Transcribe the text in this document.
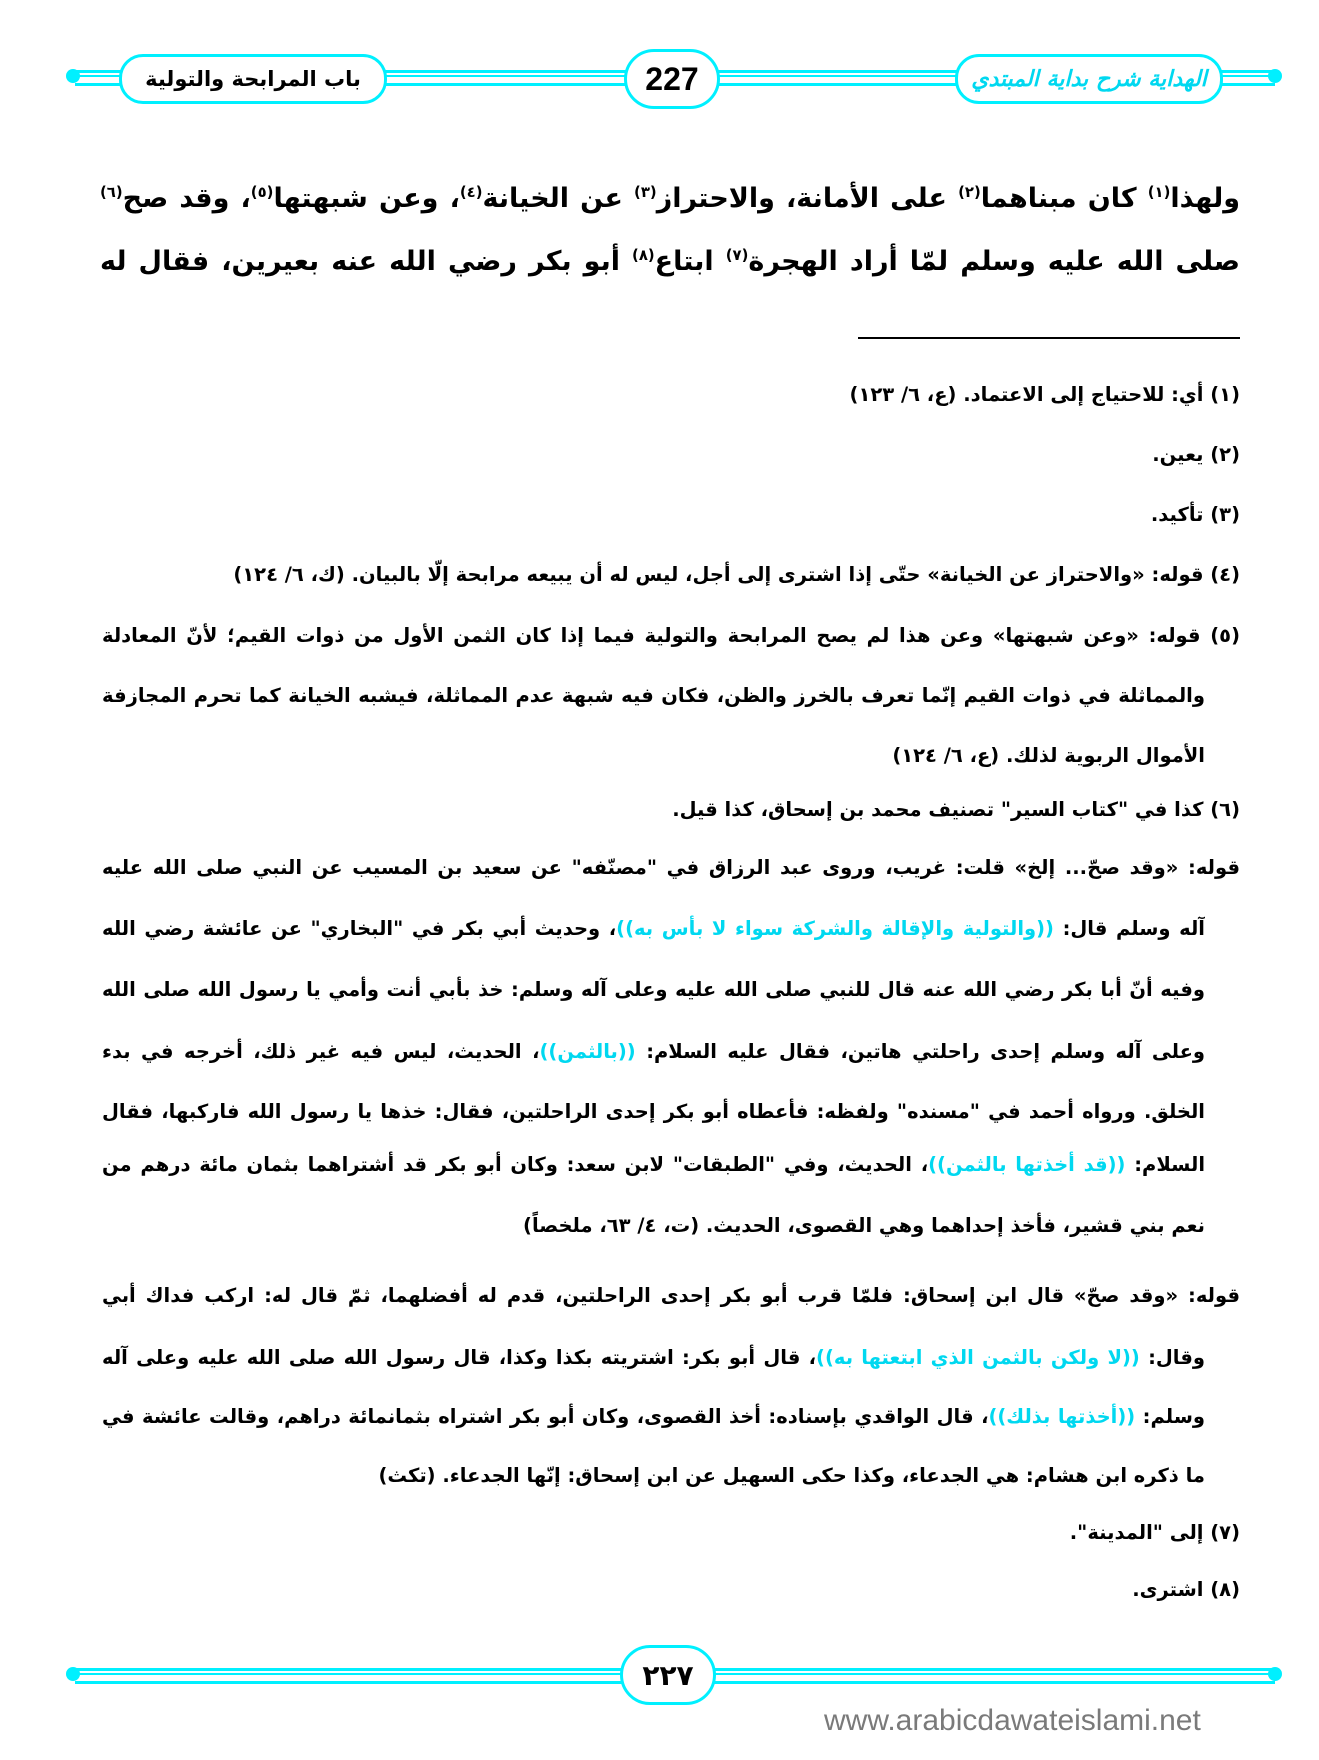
باب المرابحة والتولية	227	الهداية شرح بداية المبتدي
ولهذا$^{(١)}$ كان مبناهما$^{(٢)}$ على الأمانة، والاحتراز$^{(٣)}$ عن الخيانة$^{(٤)}$، وعن شبهتها$^{(٥)}$، وقد صح$^{(٦)}$
صلى الله عليه وسلم لمّا أراد الهجرة$^{(٧)}$ ابتاع$^{(٨)}$ أبو بكر رضي الله عنه بعيرين، فقال له
(١) أي: للاحتياج إلى الاعتماد. (ع، ٦/ ١٢٣)
(٢) يعين.
(٣) تأكيد.
(٤) قوله: «والاحتراز عن الخيانة» حتّى إذا اشترى إلى أجل، ليس له أن يبيعه مرابحة إلّا بالبيان. (ك، ٦/ ١٢٤)
(٥) قوله: «وعن شبهتها» وعن هذا لم يصح المرابحة والتولية فيما إذا كان الثمن الأول من ذوات القيم؛ لأنّ المعادلة
والمماثلة في ذوات القيم إنّما تعرف بالخرز والظن، فكان فيه شبهة عدم المماثلة، فيشبه الخيانة كما تحرم المجازفة
الأموال الربوية لذلك. (ع، ٦/ ١٢٤)
(٦) كذا في "كتاب السير" تصنيف محمد بن إسحاق، كذا قيل.
قوله: «وقد صحّ... إلخ» قلت: غريب، وروى عبد الرزاق في "مصنّفه" عن سعيد بن المسيب عن النبي صلى الله عليه
آله وسلم قال: ((والتولية والإقالة والشركة سواء لا بأس به))، وحديث أبي بكر في "البخاري" عن عائشة رضي الله
وفيه أنّ أبا بكر رضي الله عنه قال للنبي صلى الله عليه وعلى آله وسلم: خذ بأبي أنت وأمي يا رسول الله صلى الله
وعلى آله وسلم إحدى راحلتي هاتين، فقال عليه السلام: ((بالثمن))، الحديث، ليس فيه غير ذلك، أخرجه في بدء
الخلق. ورواه أحمد في "مسنده" ولفظه: فأعطاه أبو بكر إحدى الراحلتين، فقال: خذها يا رسول الله فاركبها، فقال
السلام: ((قد أخذتها بالثمن))، الحديث، وفي "الطبقات" لابن سعد: وكان أبو بكر قد أشتراهما بثمان مائة درهم من
نعم بني قشير، فأخذ إحداهما وهي القصوى، الحديث. (ت، ٤/ ٦٣، ملخصاً)
قوله: «وقد صحّ» قال ابن إسحاق: فلمّا قرب أبو بكر إحدى الراحلتين، قدم له أفضلهما، ثمّ قال له: اركب فداك أبي
وقال: ((لا ولكن بالثمن الذي ابتعتها به))، قال أبو بكر: اشتريته بكذا وكذا، قال رسول الله صلى الله عليه وعلى آله
وسلم: ((أخذتها بذلك))، قال الواقدي بإسناده: أخذ القصوى، وكان أبو بكر اشتراه بثمانمائة دراهم، وقالت عائشة في
ما ذكره ابن هشام: هي الجدعاء، وكذا حكى السهيل عن ابن إسحاق: إنّها الجدعاء. (تكث)
(٧) إلى "المدينة".
(٨) اشترى.
٢٢٧
www.arabicdawateislami.net
